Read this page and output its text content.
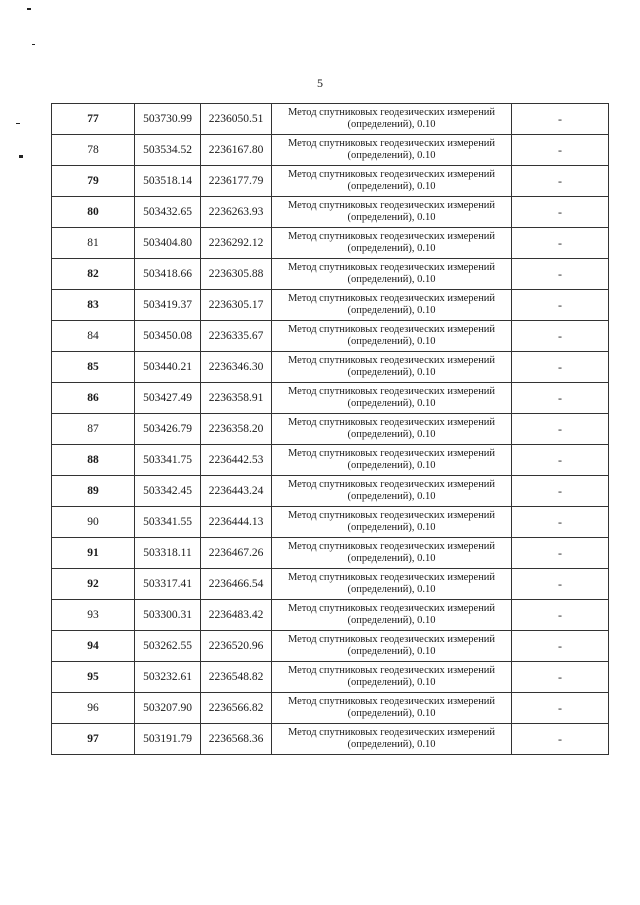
5
77	503730.99	2236050.51	Метод спутниковых геодезических измерений
(определений), 0.10	-
78	503534.52	2236167.80	Метод спутниковых геодезических измерений
(определений), 0.10	-
79	503518.14	2236177.79	Метод спутниковых геодезических измерений
(определений), 0.10	-
80	503432.65	2236263.93	Метод спутниковых геодезических измерений
(определений), 0.10	-
81	503404.80	2236292.12	Метод спутниковых геодезических измерений
(определений), 0.10	-
82	503418.66	2236305.88	Метод спутниковых геодезических измерений
(определений), 0.10	-
83	503419.37	2236305.17	Метод спутниковых геодезических измерений
(определений), 0.10	-
84	503450.08	2236335.67	Метод спутниковых геодезических измерений
(определений), 0.10	-
85	503440.21	2236346.30	Метод спутниковых геодезических измерений
(определений), 0.10	-
86	503427.49	2236358.91	Метод спутниковых геодезических измерений
(определений), 0.10	-
87	503426.79	2236358.20	Метод спутниковых геодезических измерений
(определений), 0.10	-
88	503341.75	2236442.53	Метод спутниковых геодезических измерений
(определений), 0.10	-
89	503342.45	2236443.24	Метод спутниковых геодезических измерений
(определений), 0.10	-
90	503341.55	2236444.13	Метод спутниковых геодезических измерений
(определений), 0.10	-
91	503318.11	2236467.26	Метод спутниковых геодезических измерений
(определений), 0.10	-
92	503317.41	2236466.54	Метод спутниковых геодезических измерений
(определений), 0.10	-
93	503300.31	2236483.42	Метод спутниковых геодезических измерений
(определений), 0.10	-
94	503262.55	2236520.96	Метод спутниковых геодезических измерений
(определений), 0.10	-
95	503232.61	2236548.82	Метод спутниковых геодезических измерений
(определений), 0.10	-
96	503207.90	2236566.82	Метод спутниковых геодезических измерений
(определений), 0.10	-
97	503191.79	2236568.36	Метод спутниковых геодезических измерений
(определений), 0.10	-
